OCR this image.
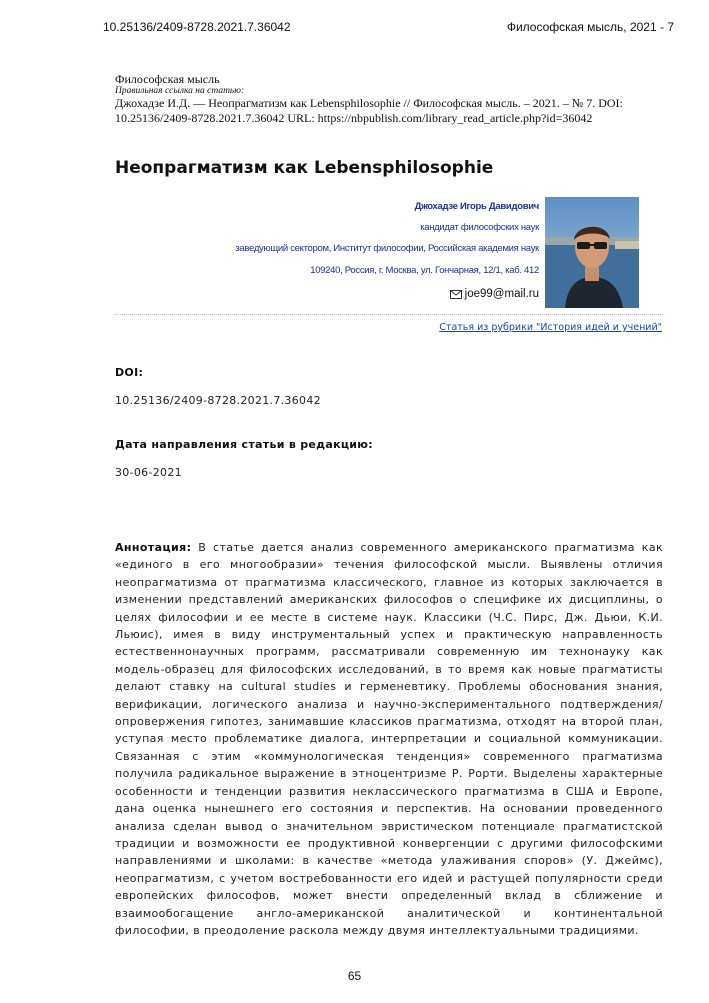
10.25136/2409-8728.2021.7.36042	Философская мысль, 2021 - 7
Философская мысль
Правильная ссылка на статью:
Джохадзе И.Д. — Неопрагматизм как Lebensphilosophie // Философская мысль. – 2021. – № 7. DOI: 10.25136/2409-8728.2021.7.36042 URL: https://nbpublish.com/library_read_article.php?id=36042
Неопрагматизм как Lebensphilosophie
Джохадзе Игорь Давидович
кандидат философских наук
заведующий сектором, Институт философии, Российская академия наук
109240, Россия, г. Москва, ул. Гончарная, 12/1, каб. 412
joe99@mail.ru
Статья из рубрики "История идей и учений"
DOI:
10.25136/2409-8728.2021.7.36042
Дата направления статьи в редакцию:
30-06-2021

Аннотация: В статье дается анализ современного американского прагматизма как «единого в его многообразии» течения философской мысли. Выявлены отличия неопрагматизма от прагматизма классического, главное из которых заключается в изменении представлений американских философов о специфике их дисциплины, о целях философии и ее месте в системе наук. Классики (Ч.С. Пирс, Дж. Дьюи, К.И. Льюис), имея в виду инструментальный успех и практическую направленность естественнонаучных программ, рассматривали современную им технонауку как модель-образец для философских исследований, в то время как новые прагматисты делают ставку на cultural studies и герменевтику. Проблемы обоснования знания, верификации, логического анализа и научно-экспериментального подтверждения/опровержения гипотез, занимавшие классиков прагматизма, отходят на второй план, уступая место проблематике диалога, интерпретации и социальной коммуникации. Связанная с этим «коммунологическая тенденция» современного прагматизма получила радикальное выражение в этноцентризме Р. Рорти. Выделены характерные особенности и тенденции развития неклассического прагматизма в США и Европе, дана оценка нынешнего его состояния и перспектив. На основании проведенного анализа сделан вывод о значительном эвристическом потенциале прагматистской традиции и возможности ее продуктивной конвергенции с другими философскими направлениями и школами: в качестве «метода улаживания споров» (У. Джеймс), неопрагматизм, с учетом востребованности его идей и растущей популярности среди европейских философов, может внести определенный вклад в сближение и взаимообогащение англо-американской аналитической и континентальной философии, в преодоление раскола между двумя интеллектуальными традициями.

65
